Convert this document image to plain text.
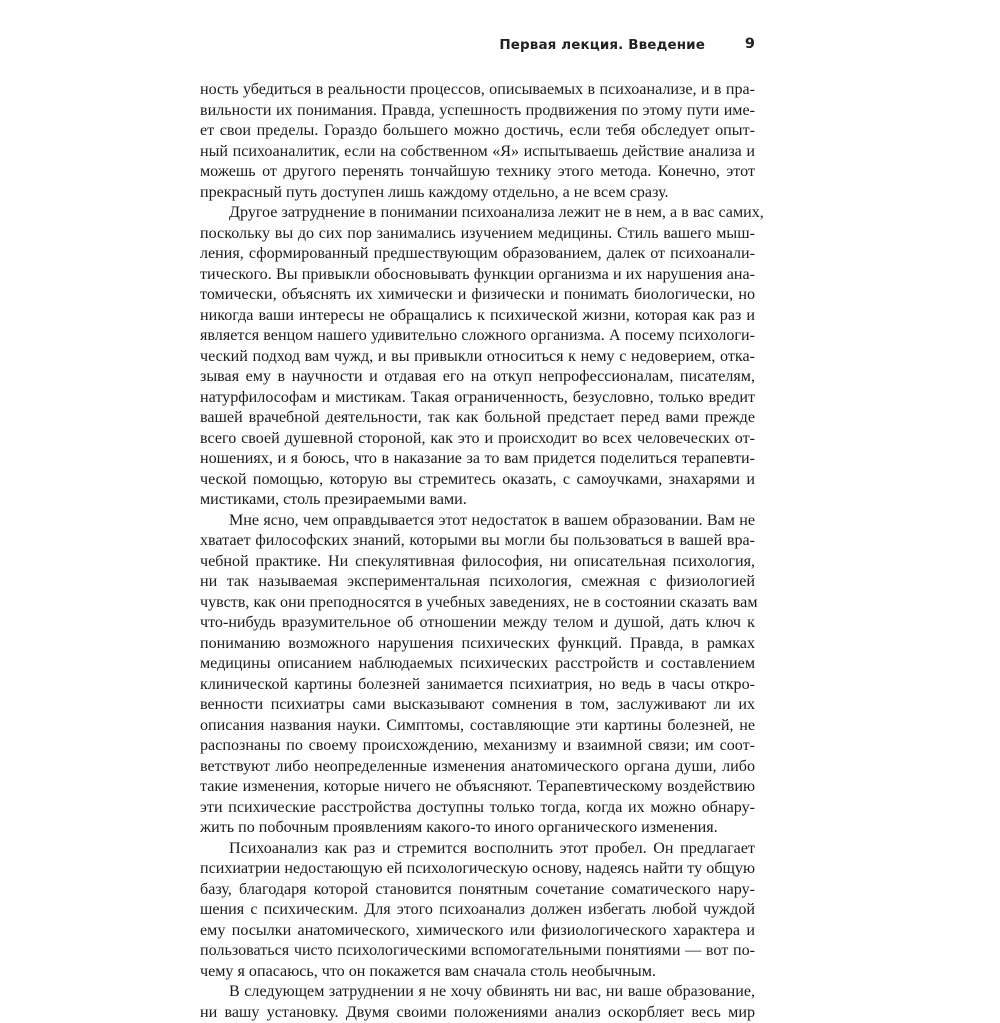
Первая лекция. Введение	9

ность убедиться в реальности процессов, описываемых в психоанализе, и в пра-
вильности их понимания. Правда, успешность продвижения по этому пути име-
ет свои пределы. Гораздо большего можно достичь, если тебя обследует опыт-
ный психоаналитик, если на собственном «Я» испытываешь действие анализа и
можешь от другого перенять тончайшую технику этого метода. Конечно, этот
прекрасный путь доступен лишь каждому отдельно, а не всем сразу.

Другое затруднение в понимании психоанализа лежит не в нем, а в вас самих,
поскольку вы до сих пор занимались изучением медицины. Стиль вашего мыш-
ления, сформированный предшествующим образованием, далек от психоанали-
тического. Вы привыкли обосновывать функции организма и их нарушения ана-
томически, объяснять их химически и физически и понимать биологически, но
никогда ваши интересы не обращались к психической жизни, которая как раз и
является венцом нашего удивительно сложного организма. А посему психологи-
ческий подход вам чужд, и вы привыкли относиться к нему с недоверием, отка-
зывая ему в научности и отдавая его на откуп непрофессионалам, писателям,
натурфилософам и мистикам. Такая ограниченность, безусловно, только вредит
вашей врачебной деятельности, так как больной предстает перед вами прежде
всего своей душевной стороной, как это и происходит во всех человеческих от-
ношениях, и я боюсь, что в наказание за то вам придется поделиться терапевти-
ческой помощью, которую вы стремитесь оказать, с самоучками, знахарями и
мистиками, столь презираемыми вами.

Мне ясно, чем оправдывается этот недостаток в вашем образовании. Вам не
хватает философских знаний, которыми вы могли бы пользоваться в вашей вра-
чебной практике. Ни спекулятивная философия, ни описательная психология,
ни так называемая экспериментальная психология, смежная с физиологией
чувств, как они преподносятся в учебных заведениях, не в состоянии сказать вам
что-нибудь вразумительное об отношении между телом и душой, дать ключ к
пониманию возможного нарушения психических функций. Правда, в рамках
медицины описанием наблюдаемых психических расстройств и составлением
клинической картины болезней занимается психиатрия, но ведь в часы откро-
венности психиатры сами высказывают сомнения в том, заслуживают ли их
описания названия науки. Симптомы, составляющие эти картины болезней, не
распознаны по своему происхождению, механизму и взаимной связи; им соот-
ветствуют либо неопределенные изменения анатомического органа души, либо
такие изменения, которые ничего не объясняют. Терапевтическому воздействию
эти психические расстройства доступны только тогда, когда их можно обнару-
жить по побочным проявлениям какого-то иного органического изменения.

Психоанализ как раз и стремится восполнить этот пробел. Он предлагает
психиатрии недостающую ей психологическую основу, надеясь найти ту общую
базу, благодаря которой становится понятным сочетание соматического нару-
шения с психическим. Для этого психоанализ должен избегать любой чуждой
ему посылки анатомического, химического или физиологического характера и
пользоваться чисто психологическими вспомогательными понятиями — вот по-
чему я опасаюсь, что он покажется вам сначала столь необычным.

В следующем затруднении я не хочу обвинять ни вас, ни ваше образование,
ни вашу установку. Двумя своими положениями анализ оскорбляет весь мир
